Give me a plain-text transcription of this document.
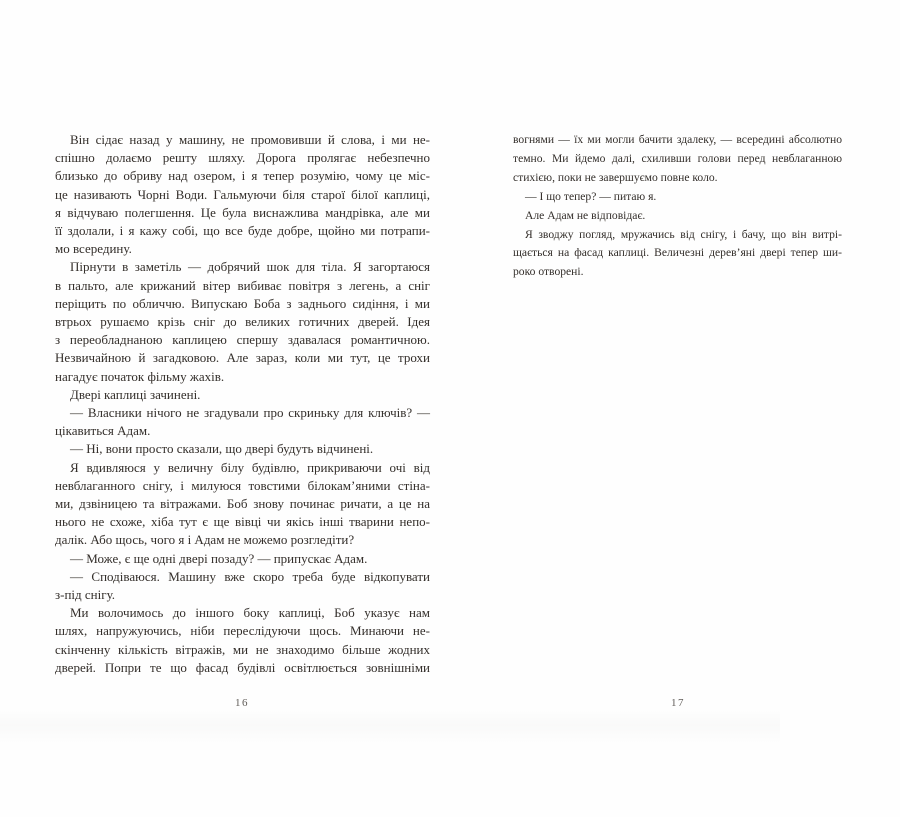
Він сідає назад у машину, не промовивши й слова, і ми не-
спішно долаємо решту шляху. Дорога пролягає небезпечно
близько до обриву над озером, і я тепер розумію, чому це міс-
це називають Чорні Води. Гальмуючи біля старої білої каплиці,
я відчуваю полегшення. Це була виснажлива мандрівка, але ми
її здолали, і я кажу собі, що все буде добре, щойно ми потрапи-
мо всередину.
Пірнути в заметіль — добрячий шок для тіла. Я загортаюся
в пальто, але крижаний вітер вибиває повітря з легень, а сніг
періщить по обличчю. Випускаю Боба з заднього сидіння, і ми
втрьох рушаємо крізь сніг до великих готичних дверей. Ідея
з переобладнаною каплицею спершу здавалася романтичною.
Незвичайною й загадковою. Але зараз, коли ми тут, це трохи
нагадує початок фільму жахів.
Двері каплиці зачинені.
— Власники нічого не згадували про скриньку для ключів? —
цікавиться Адам.
— Ні, вони просто сказали, що двері будуть відчинені.
Я вдивляюся у величну білу будівлю, прикриваючи очі від
невблаганного снігу, і милуюся товстими білокам’яними стіна-
ми, дзвіницею та вітражами. Боб знову починає ричати, а це на
нього не схоже, хіба тут є ще вівці чи якісь інші тварини непо-
далік. Або щось, чого я і Адам не можемо розгледіти?
— Може, є ще одні двері позаду? — припускає Адам.
— Сподіваюся. Машину вже скоро треба буде відкопувати
з-під снігу.
Ми волочимось до іншого боку каплиці, Боб указує нам
шлях, напружуючись, ніби переслідуючи щось. Минаючи не-
скінченну кількість вітражів, ми не знаходимо більше жодних
дверей. Попри те що фасад будівлі освітлюється зовнішніми
16
вогнями — їх ми могли бачити здалеку, — всередині абсолютно
темно. Ми йдемо далі, схиливши голови перед невблаганною
стихією, поки не завершуємо повне коло.
— І що тепер? — питаю я.
Але Адам не відповідає.
Я зводжу погляд, мружачись від снігу, і бачу, що він витрі-
щається на фасад каплиці. Величезні дерев’яні двері тепер ши-
роко отворені.
17
